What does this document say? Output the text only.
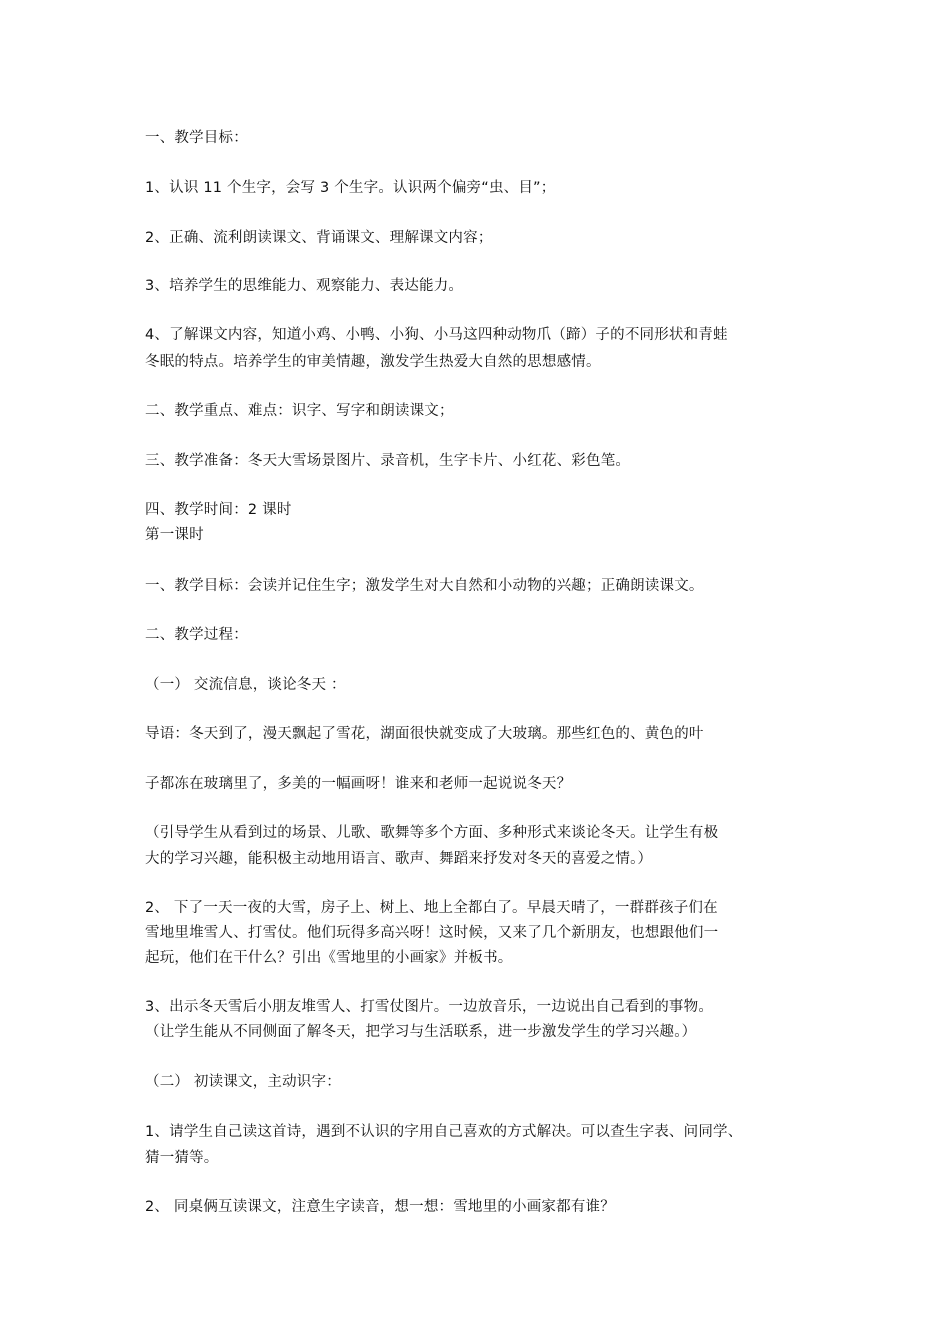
一、教学目标：
1、认识 11 个生字，会写 3 个生字。认识两个偏旁“虫、目”；
2、正确、流利朗读课文、背诵课文、理解课文内容；
3、培养学生的思维能力、观察能力、表达能力。
4、了解课文内容，知道小鸡、小鸭、小狗、小马这四种动物爪（蹄）子的不同形状和青蛙
冬眠的特点。培养学生的审美情趣，激发学生热爱大自然的思想感情。
二、教学重点、难点：识字、写字和朗读课文；
三、教学准备：冬天大雪场景图片、录音机，生字卡片、小红花、彩色笔。
四、教学时间：2 课时
第一课时
一、教学目标：会读并记住生字；激发学生对大自然和小动物的兴趣；正确朗读课文。
二、教学过程：
（一） 交流信息，谈论冬天 ：
导语：冬天到了，漫天飘起了雪花，湖面很快就变成了大玻璃。那些红色的、黄色的叶
子都冻在玻璃里了，多美的一幅画呀！谁来和老师一起说说冬天？
（引导学生从看到过的场景、儿歌、歌舞等多个方面、多种形式来谈论冬天。让学生有极
大的学习兴趣，能积极主动地用语言、歌声、舞蹈来抒发对冬天的喜爱之情。）
2、 下了一天一夜的大雪，房子上、树上、地上全都白了。早晨天晴了，一群群孩子们在
雪地里堆雪人、打雪仗。他们玩得多高兴呀！这时候，又来了几个新朋友，也想跟他们一
起玩，他们在干什么？引出《雪地里的小画家》并板书。
3、出示冬天雪后小朋友堆雪人、打雪仗图片。一边放音乐，一边说出自己看到的事物。
（让学生能从不同侧面了解冬天，把学习与生活联系，进一步激发学生的学习兴趣。）
（二） 初读课文，主动识字：
1、请学生自己读这首诗，遇到不认识的字用自己喜欢的方式解决。可以查生字表、问同学、
猜一猜等。
2、 同桌俩互读课文，注意生字读音，想一想：雪地里的小画家都有谁？
